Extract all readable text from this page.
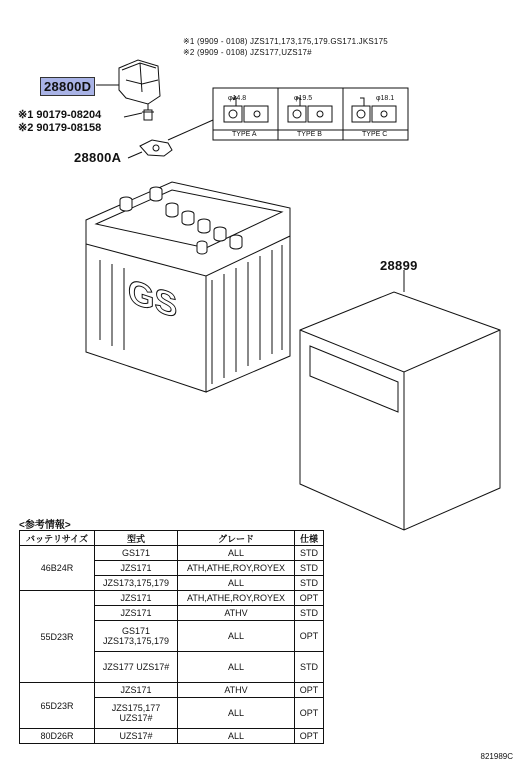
※1 (9909 - 0108) JZS171,173,175,179.GS171.JKS175
※2 (9909 - 0108) JZS177,UZS17#
GS
28800D
※1 90179-08204
※2 90179-08158
28800A
28899
φ14.8	φ19.5	φ18.1
TYPE A	TYPE B	TYPE C
<参考情報>
バッテリサイズ	型式	グレード	仕様
46B24R	GS171	ALL	STD
	JZS171	ATH,ATHE,ROY,ROYEX	STD
	JZS173,175,179	ALL	STD
55D23R	JZS171	ATH,ATHE,ROY,ROYEX	OPT
	JZS171	ATHV	STD
	GS171 JZS173,175,179	ALL	OPT
	JZS177 UZS17#	ALL	STD
65D23R	JZS171	ATHV	OPT
	JZS175,177 UZS17#	ALL	OPT
80D26R	UZS17#	ALL	OPT
821989C
